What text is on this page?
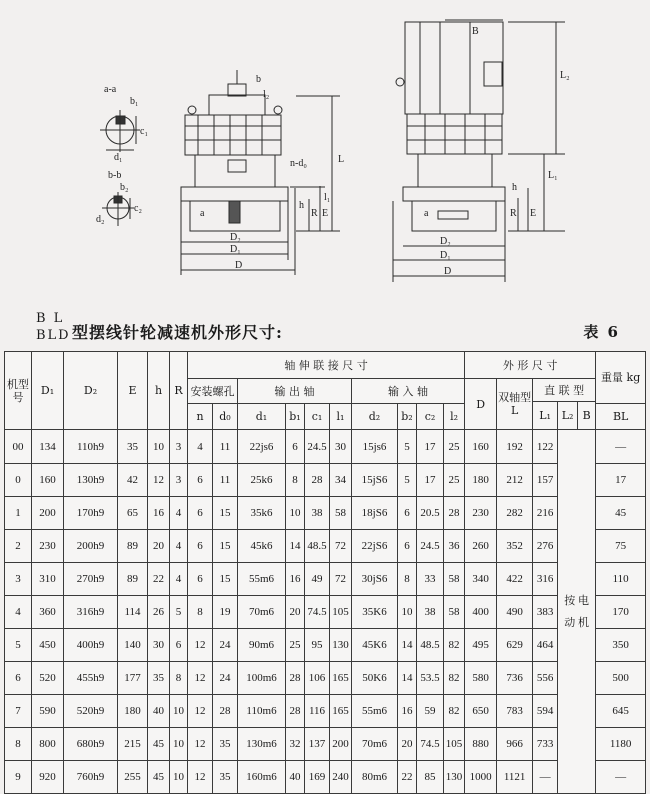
a-a
b₁
c₁
d₁
b-b
b₂
c₂
d₂
b
l₂
L
n-d₀
l₁
h
R E
a
D₂
D₁
D
B
L₂
L₁
h
R E
a
D₂
D₁
D
B L
BLD 型摆线针轮减速机外形尺寸:	表 6
机型号	D₁	D₂	E	h	R	轴 伸 联 接 尺 寸										外 形 尺 寸					重量 kg
						安装螺孔		输 出 轴				输 入 轴				D	双轴型 L	直 联 型			
																		L₁	L₂	B	
						n	d₀	d₁	b₁	c₁	l₁	d₂	b₂	c₂	l₂						BL
00	134	110h9	35	10	3	4	11	22js6	6	24.5	30	15js6	5	17	25	160	192	122	按 电 动 机		—
0	160	130h9	42	12	3	6	11	25k6	8	28	34	15jS6	5	17	25	180	212	157			17
1	200	170h9	65	16	4	6	15	35k6	10	38	58	18jS6	6	20.5	28	230	282	216			45
2	230	200h9	89	20	4	6	15	45k6	14	48.5	72	22jS6	6	24.5	36	260	352	276			75
3	310	270h9	89	22	4	6	15	55m6	16	49	72	30jS6	8	33	58	340	422	316			110
4	360	316h9	114	26	5	8	19	70m6	20	74.5	105	35K6	10	38	58	400	490	383			170
5	450	400h9	140	30	6	12	24	90m6	25	95	130	45K6	14	48.5	82	495	629	464			350
6	520	455h9	177	35	8	12	24	100m6	28	106	165	50K6	14	53.5	82	580	736	556			500
7	590	520h9	180	40	10	12	28	110m6	28	116	165	55m6	16	59	82	650	783	594			645
8	800	680h9	215	45	10	12	35	130m6	32	137	200	70m6	20	74.5	105	880	966	733			1180
9	920	760h9	255	45	10	12	35	160m6	40	169	240	80m6	22	85	130	1000	1121	—			—
